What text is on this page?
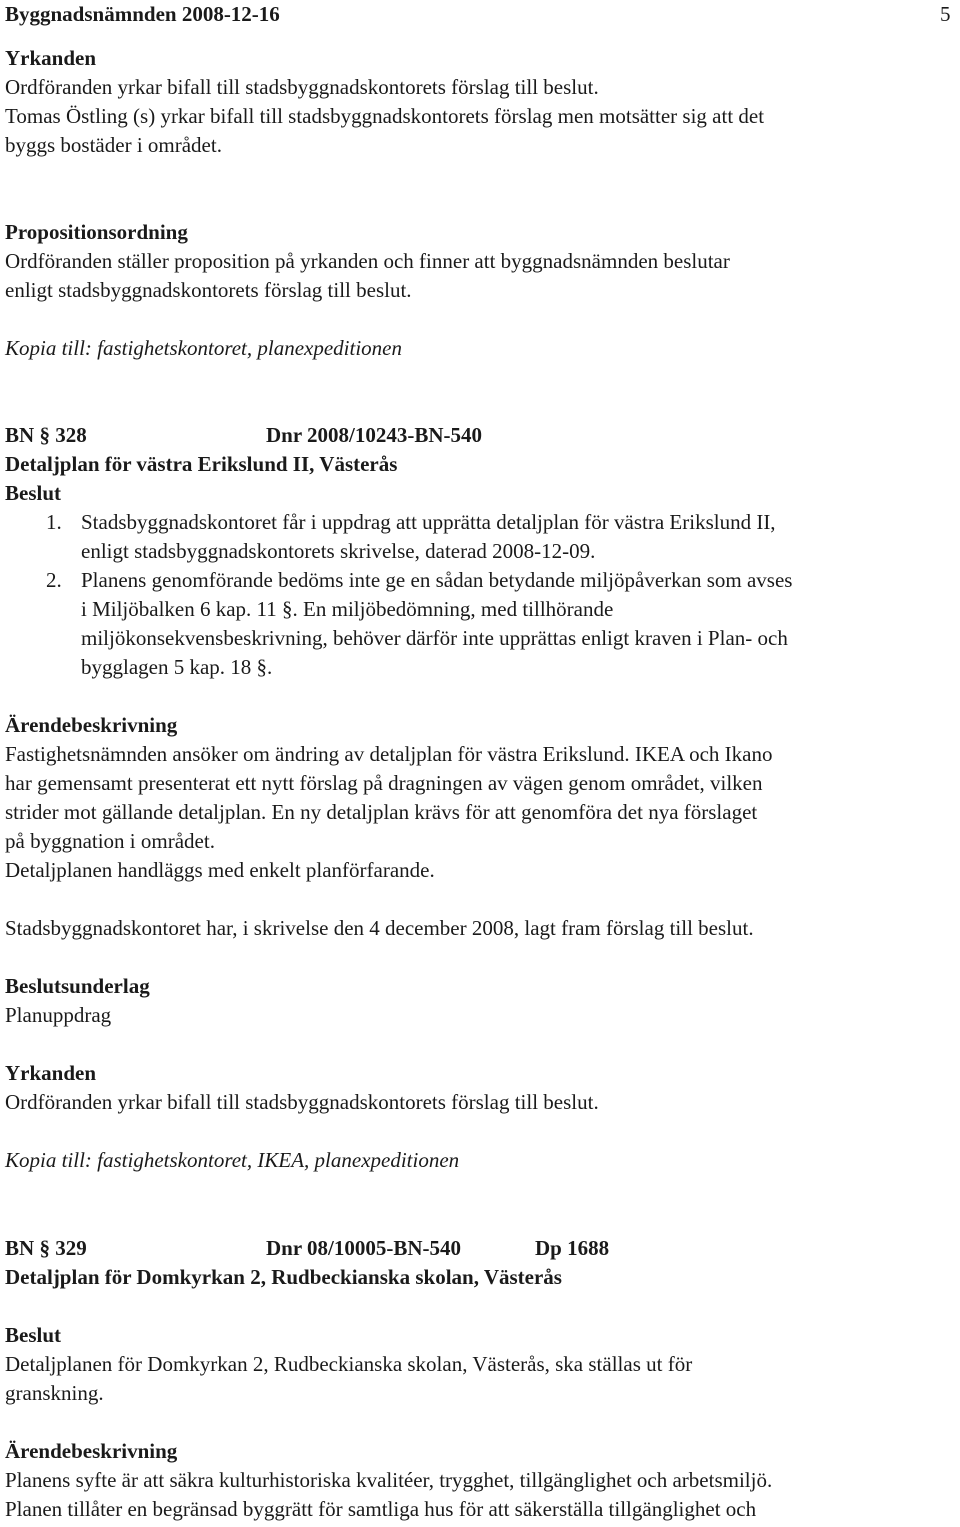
Byggnadsnämnden 2008-12-16	5
Yrkanden
Ordföranden yrkar bifall till stadsbyggnadskontorets förslag till beslut.
Tomas Östling (s) yrkar bifall till stadsbyggnadskontorets förslag men motsätter sig att det
byggs bostäder i området.
Propositionsordning
Ordföranden ställer proposition på yrkanden och finner att byggnadsnämnden beslutar
enligt stadsbyggnadskontorets förslag till beslut.
Kopia till: fastighetskontoret, planexpeditionen
BN § 328	Dnr 2008/10243-BN-540
Detaljplan för västra Erikslund II, Västerås
Beslut
1. Stadsbyggnadskontoret får i uppdrag att upprätta detaljplan för västra Erikslund II,
enligt stadsbyggnadskontorets skrivelse, daterad 2008-12-09.
2. Planens genomförande bedöms inte ge en sådan betydande miljöpåverkan som avses
i Miljöbalken 6 kap. 11 §. En miljöbedömning, med tillhörande
miljökonsekvensbeskrivning, behöver därför inte upprättas enligt kraven i Plan- och
bygglagen 5 kap. 18 §.
Ärendebeskrivning
Fastighetsnämnden ansöker om ändring av detaljplan för västra Erikslund. IKEA och Ikano
har gemensamt presenterat ett nytt förslag på dragningen av vägen genom området, vilken
strider mot gällande detaljplan. En ny detaljplan krävs för att genomföra det nya förslaget
på byggnation i området.
Detaljplanen handläggs med enkelt planförfarande.
Stadsbyggnadskontoret har, i skrivelse den 4 december 2008, lagt fram förslag till beslut.
Beslutsunderlag
Planuppdrag
Yrkanden
Ordföranden yrkar bifall till stadsbyggnadskontorets förslag till beslut.
Kopia till: fastighetskontoret, IKEA, planexpeditionen
BN § 329	Dnr 08/10005-BN-540	Dp 1688
Detaljplan för Domkyrkan 2, Rudbeckianska skolan, Västerås
Beslut
Detaljplanen för Domkyrkan 2, Rudbeckianska skolan, Västerås, ska ställas ut för
granskning.
Ärendebeskrivning
Planens syfte är att säkra kulturhistoriska kvalitéer, trygghet, tillgänglighet och arbetsmiljö.
Planen tillåter en begränsad byggrätt för samtliga hus för att säkerställa tillgänglighet och
